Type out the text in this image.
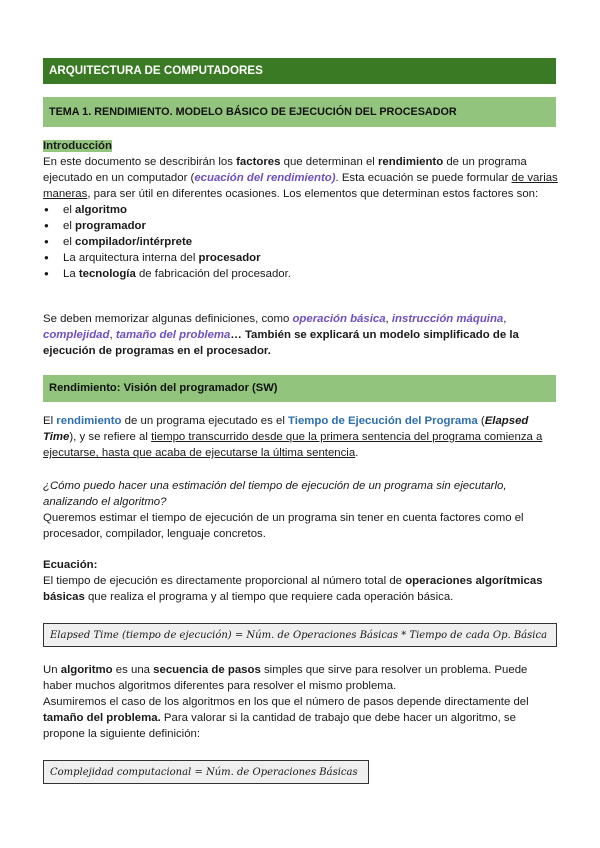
ARQUITECTURA DE COMPUTADORES
TEMA 1. RENDIMIENTO. MODELO BÁSICO DE EJECUCIÓN DEL PROCESADOR
Introducción
En este documento se describirán los factores que determinan el rendimiento de un programa ejecutado en un computador (ecuación del rendimiento). Esta ecuación se puede formular de varias maneras, para ser útil en diferentes ocasiones. Los elementos que determinan estos factores son:
● el algoritmo
● el programador
● el compilador/intérprete
● La arquitectura interna del procesador
● La tecnología de fabricación del procesador.
Se deben memorizar algunas definiciones, como operación básica, instrucción máquina, complejidad, tamaño del problema… También se explicará un modelo simplificado de la ejecución de programas en el procesador.
Rendimiento: Visión del programador (SW)
El rendimiento de un programa ejecutado es el Tiempo de Ejecución del Programa (Elapsed Time), y se refiere al tiempo transcurrido desde que la primera sentencia del programa comienza a ejecutarse, hasta que acaba de ejecutarse la última sentencia.
¿Cómo puedo hacer una estimación del tiempo de ejecución de un programa sin ejecutarlo, analizando el algoritmo?
Queremos estimar el tiempo de ejecución de un programa sin tener en cuenta factores como el procesador, compilador, lenguaje concretos.
Ecuación:
El tiempo de ejecución es directamente proporcional al número total de operaciones algorítmicas básicas que realiza el programa y al tiempo que requiere cada operación básica.
Elapsed Time (tiempo de ejecución) = Núm. de Operaciones Básicas * Tiempo de cada Op. Básica
Un algoritmo es una secuencia de pasos simples que sirve para resolver un problema. Puede haber muchos algoritmos diferentes para resolver el mismo problema.
Asumiremos el caso de los algoritmos en los que el número de pasos depende directamente del tamaño del problema. Para valorar si la cantidad de trabajo que debe hacer un algoritmo, se propone la siguiente definición:
Complejidad computacional = Núm. de Operaciones Básicas
